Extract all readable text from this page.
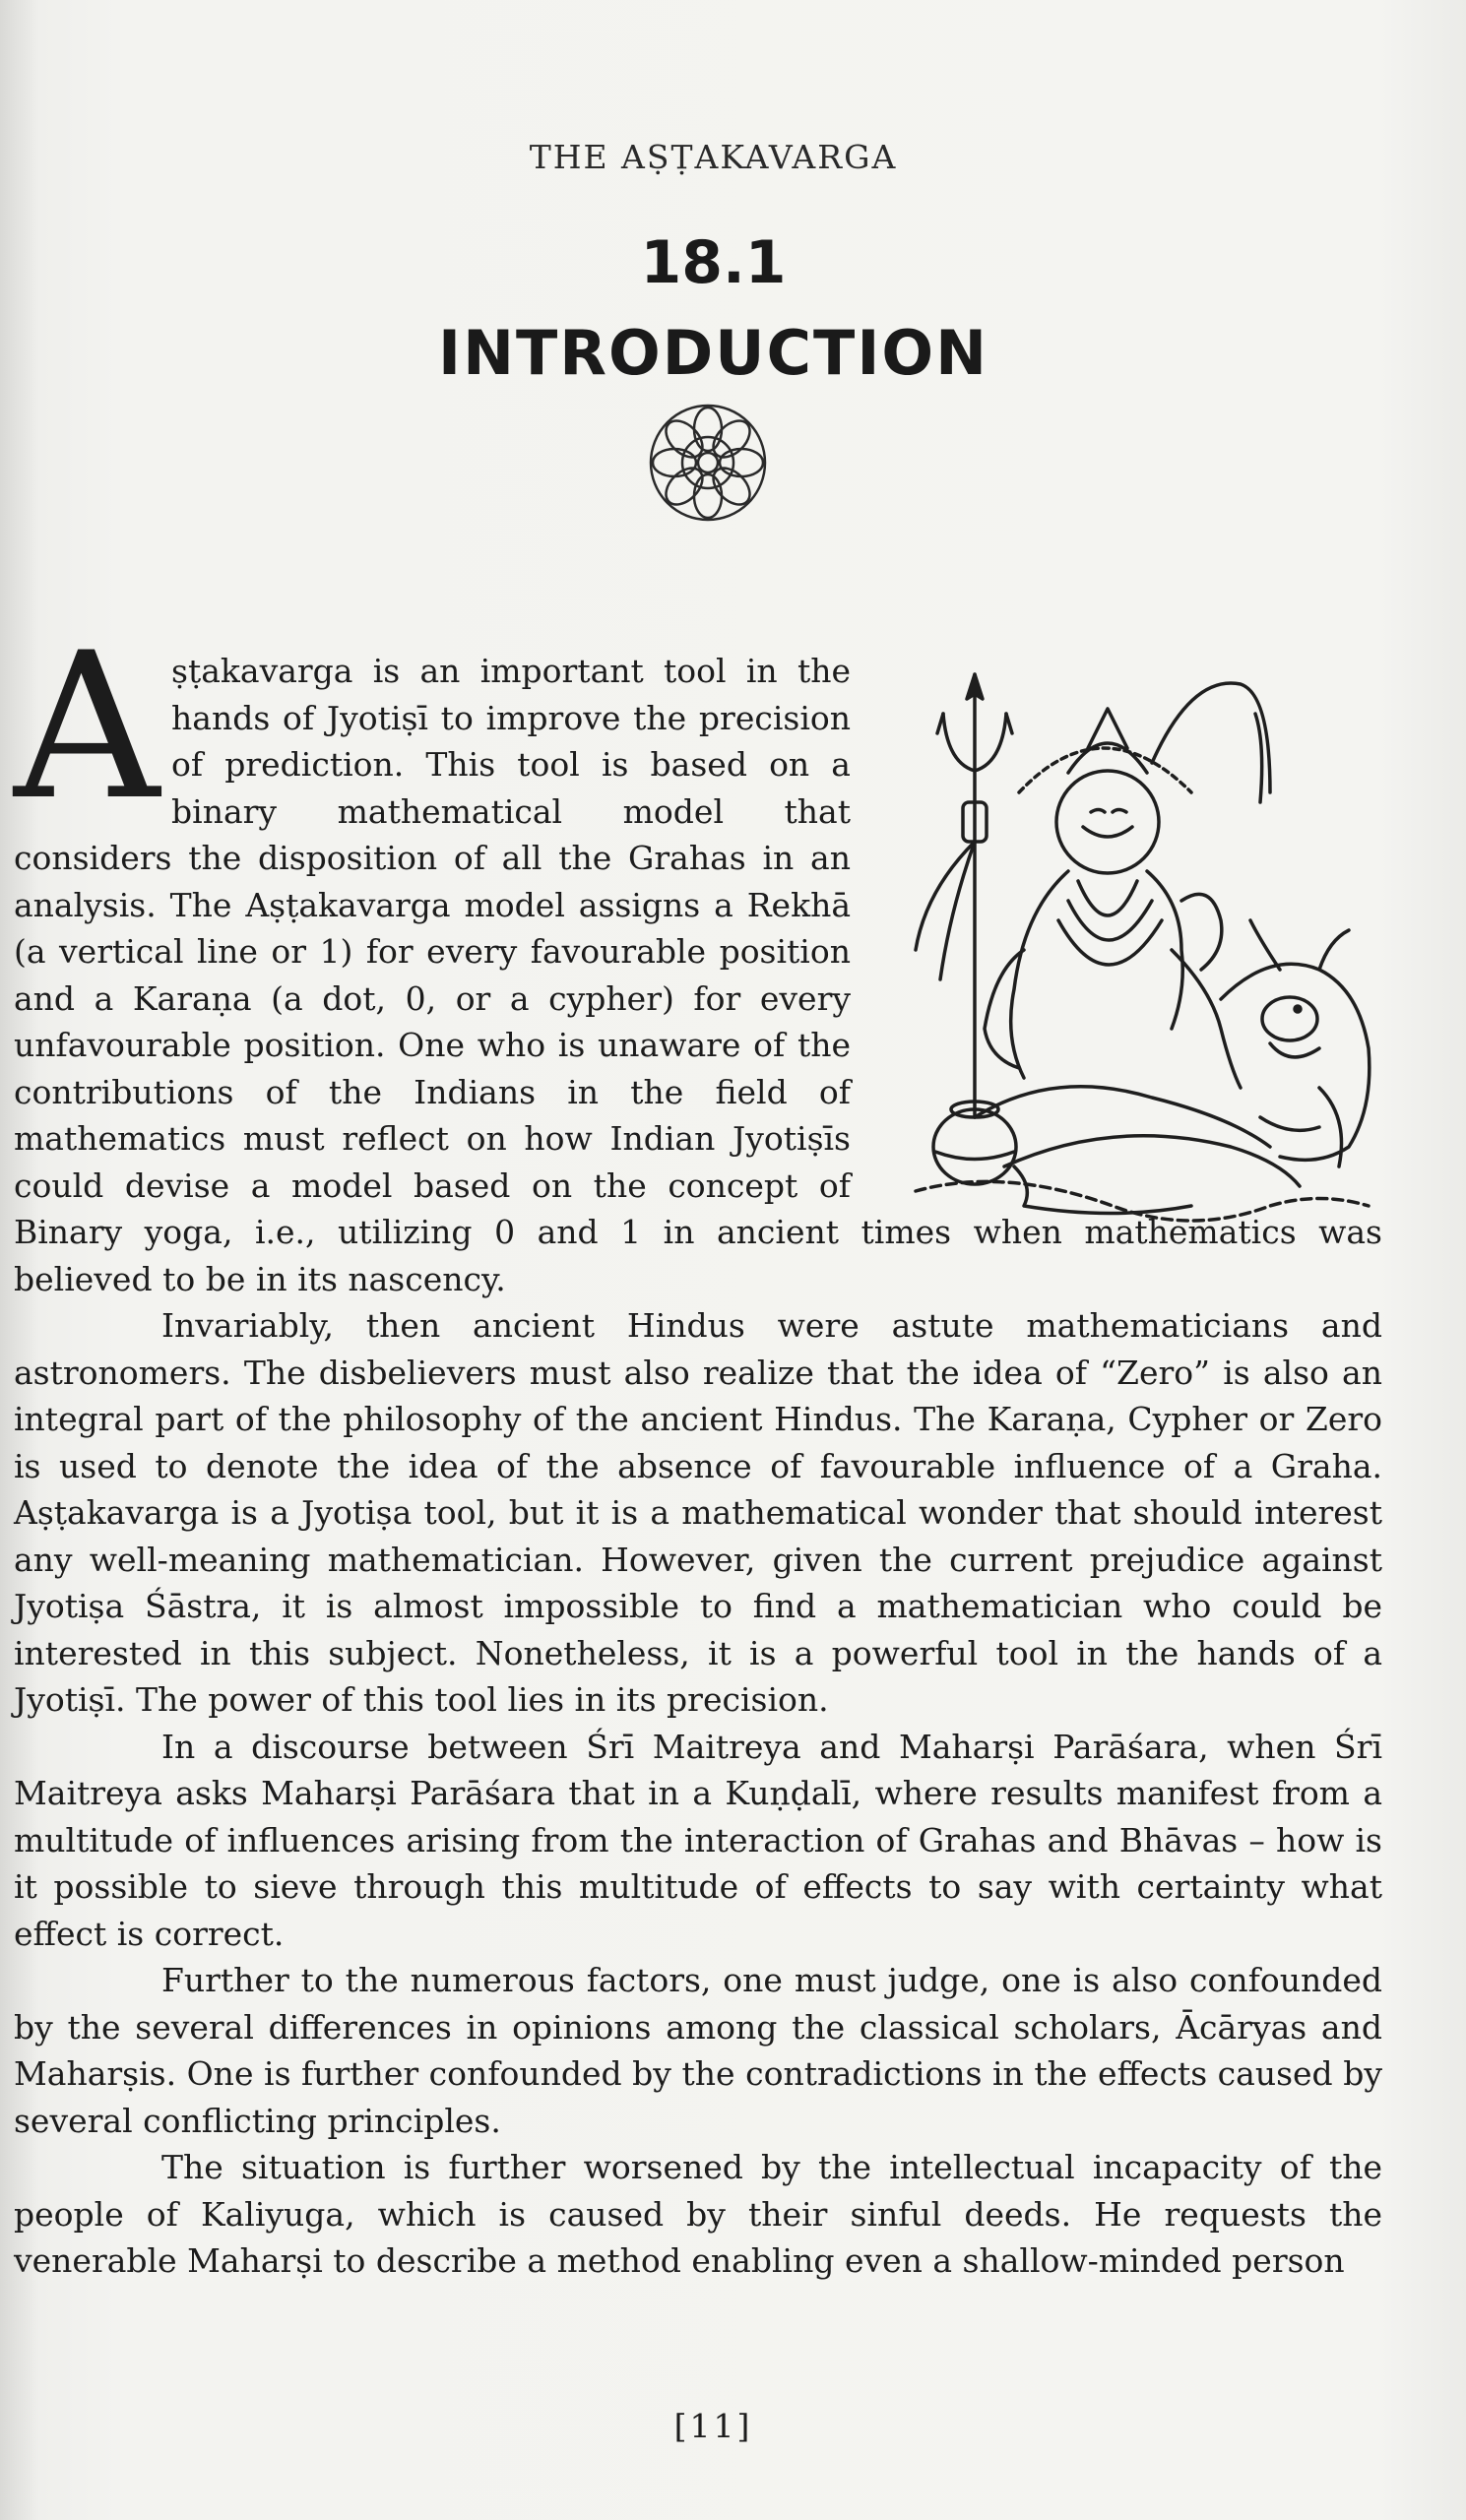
THE AṢṬAKAVARGA
18.1
INTRODUCTION

A ṣṭakavarga is an important tool in the hands of Jyotiṣī to improve the precision of prediction. This tool is based on a binary mathematical model that considers the disposition of all the Grahas in an analysis. The Aṣṭakavarga model assigns a Rekhā (a vertical line or 1) for every favourable position and a Karaṇa (a dot, 0, or a cypher) for every unfavourable position. One who is unaware of the contributions of the Indians in the field of mathematics must reflect on how Indian Jyotiṣīs could devise a model based on the concept of Binary yoga, i.e., utilizing 0 and 1 in ancient times when mathematics was believed to be in its nascency.

Invariably, then ancient Hindus were astute mathematicians and astronomers. The disbelievers must also realize that the idea of “Zero” is also an integral part of the philosophy of the ancient Hindus. The Karaṇa, Cypher or Zero is used to denote the idea of the absence of favourable influence of a Graha. Aṣṭakavarga is a Jyotiṣa tool, but it is a mathematical wonder that should interest any well-meaning mathematician. However, given the current prejudice against Jyotiṣa Śāstra, it is almost impossible to find a mathematician who could be interested in this subject. Nonetheless, it is a powerful tool in the hands of a Jyotiṣī. The power of this tool lies in its precision.

In a discourse between Śrī Maitreya and Maharṣi Parāśara, when Śrī Maitreya asks Maharṣi Parāśara that in a Kuṇḍalī, where results manifest from a multitude of influences arising from the interaction of Grahas and Bhāvas – how is it possible to sieve through this multitude of effects to say with certainty what effect is correct.

Further to the numerous factors, one must judge, one is also confounded by the several differences in opinions among the classical scholars, Ācāryas and Maharṣis. One is further confounded by the contradictions in the effects caused by several conflicting principles.

The situation is further worsened by the intellectual incapacity of the people of Kaliyuga, which is caused by their sinful deeds. He requests the venerable Maharṣi to describe a method enabling even a shallow-minded person

[11]
